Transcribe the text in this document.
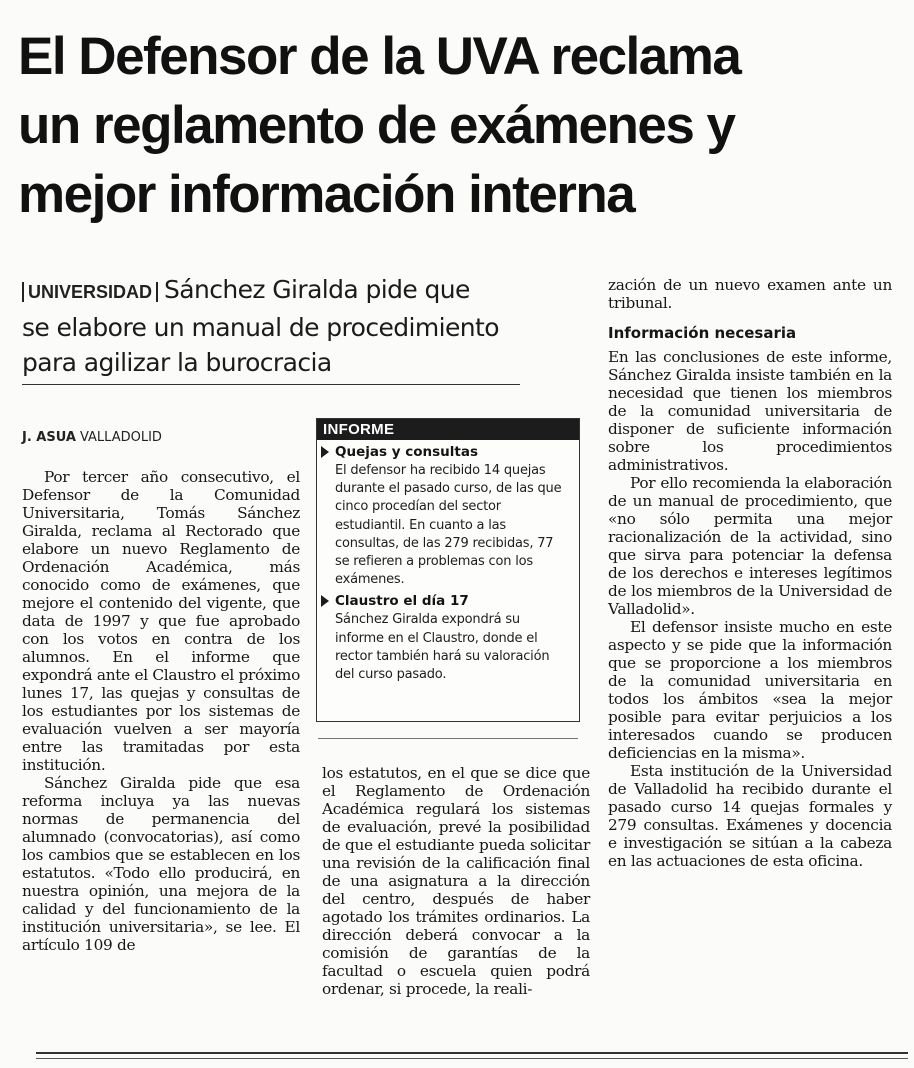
El Defensor de la UVA reclama
un reglamento de exámenes y
mejor información interna
UNIVERSIDAD Sánchez Giralda pide que
se elabore un manual de procedimiento
para agilizar la burocracia
J. ASUA VALLADOLID

Por tercer año consecutivo, el Defensor de la Comunidad Universitaria, Tomás Sánchez Giralda, reclama al Rectorado que elabore un nuevo Reglamento de Ordenación Académica, más conocido como de exámenes, que mejore el contenido del vigente, que data de 1997 y que fue aprobado con los votos en contra de los alumnos. En el informe que expondrá ante el Claustro el próximo lunes 17, las quejas y consultas de los estudiantes por los sistemas de evaluación vuelven a ser mayoría entre las tramitadas por esta institución.

Sánchez Giralda pide que esa reforma incluya ya las nuevas normas de permanencia del alumnado (convocatorias), así como los cambios que se establecen en los estatutos. «Todo ello producirá, en nuestra opinión, una mejora de la calidad y del funcionamiento de la institución universitaria», se lee. El artículo 109 de

INFORME
Quejas y consultas

El defensor ha recibido 14 quejas durante el pasado curso, de las que cinco procedían del sector estudiantil. En cuanto a las consultas, de las 279 recibidas, 77 se refieren a problemas con los exámenes.

Claustro el día 17

Sánchez Giralda expondrá su informe en el Claustro, donde el rector también hará su valoración del curso pasado.

los estatutos, en el que se dice que el Reglamento de Ordenación Académica regulará los sistemas de evaluación, prevé la posibilidad de que el estudiante pueda solicitar una revisión de la calificación final de una asignatura a la dirección del centro, después de haber agotado los trámites ordinarios. La dirección deberá convocar a la comisión de garantías de la facultad o escuela quien podrá ordenar, si procede, la reali-

zación de un nuevo examen ante un tribunal.

Información necesaria

En las conclusiones de este informe, Sánchez Giralda insiste también en la necesidad que tienen los miembros de la comunidad universitaria de disponer de suficiente información sobre los procedimientos administrativos.

Por ello recomienda la elaboración de un manual de procedimiento, que «no sólo permita una mejor racionalización de la actividad, sino que sirva para potenciar la defensa de los derechos e intereses legítimos de los miembros de la Universidad de Valladolid».

El defensor insiste mucho en este aspecto y se pide que la información que se proporcione a los miembros de la comunidad universitaria en todos los ámbitos «sea la mejor posible para evitar perjuicios a los interesados cuando se producen deficiencias en la misma».

Esta institución de la Universidad de Valladolid ha recibido durante el pasado curso 14 quejas formales y 279 consultas. Exámenes y docencia e investigación se sitúan a la cabeza en las actuaciones de esta oficina.
